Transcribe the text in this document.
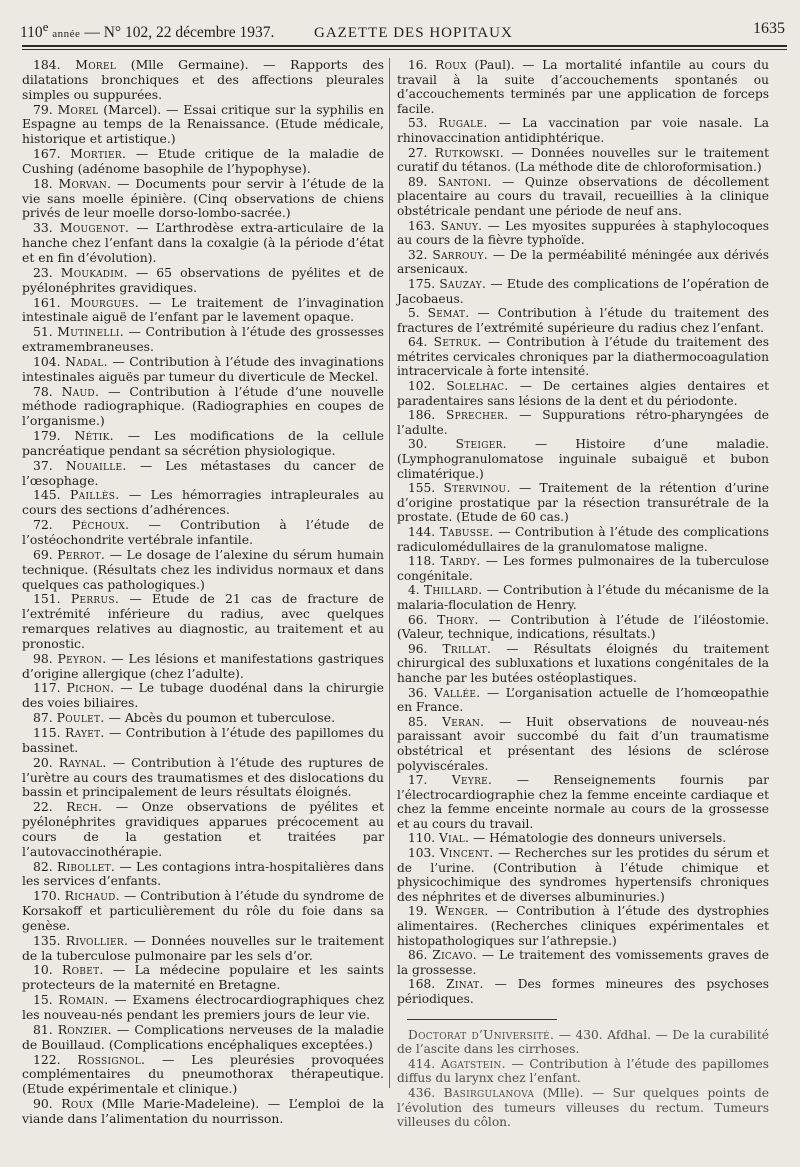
110e année — N° 102, 22 décembre 1937.	GAZETTE DES HOPITAUX	1635

184. Morel (Mlle Germaine). — Rapports des dilatations bronchiques et des affections pleurales simples ou suppurées.

79. Morel (Marcel). — Essai critique sur la syphilis en Espagne au temps de la Renaissance. (Etude médicale, historique et artistique.)

167. Mortier. — Etude critique de la maladie de Cushing (adénome basophile de l’hypophyse).

18. Morvan. — Documents pour servir à l’étude de la vie sans moelle épinière. (Cinq observations de chiens privés de leur moelle dorso-lombo-sacrée.)

33. Mougenot. — L’arthrodèse extra-articulaire de la hanche chez l’enfant dans la coxalgie (à la période d’état et en fin d’évolution).

23. Moukadim. — 65 observations de pyélites et de pyélonéphrites gravidiques.

161. Mourgues. — Le traitement de l’invagination intestinale aiguë de l’enfant par le lavement opaque.

51. Mutinelli. — Contribution à l’étude des grossesses extramembraneuses.

104. Nadal. — Contribution à l’étude des invaginations intestinales aiguës par tumeur du diverticule de Meckel.

78. Naud. — Contribution à l’étude d’une nouvelle méthode radiographique. (Radiographies en coupes de l’organisme.)

179. Nétik. — Les modifications de la cellule pancréatique pendant sa sécrétion physiologique.

37. Nouaille. — Les métastases du cancer de l’œsophage.

145. Paillès. — Les hémorragies intrapleurales au cours des sections d’adhérences.

72. Péchoux. — Contribution à l’étude de l’ostéochondrite vertébrale infantile.

69. Perrot. — Le dosage de l’alexine du sérum humain technique. (Résultats chez les individus normaux et dans quelques cas pathologiques.)

151. Perrus. — Etude de 21 cas de fracture de l’extrémité inférieure du radius, avec quelques remarques relatives au diagnostic, au traitement et au pronostic.

98. Peyron. — Les lésions et manifestations gastriques d’origine allergique (chez l’adulte).

117. Pichon. — Le tubage duodénal dans la chirurgie des voies biliaires.

87. Poulet. — Abcès du poumon et tuberculose.

115. Rayet. — Contribution à l’étude des papillomes du bassinet.

20. Raynal. — Contribution à l’étude des ruptures de l’urètre au cours des traumatismes et des dislocations du bassin et principalement de leurs résultats éloignés.

22. Rech. — Onze observations de pyélites et pyélonéphrites gravidiques apparues précocement au cours de la gestation et traitées par l’autovaccinothérapie.

82. Ribollet. — Les contagions intra-hospitalières dans les services d’enfants.

170. Richaud. — Contribution à l’étude du syndrome de Korsakoff et particulièrement du rôle du foie dans sa genèse.

135. Rivollier. — Données nouvelles sur le traitement de la tuberculose pulmonaire par les sels d’or.

10. Robet. — La médecine populaire et les saints protecteurs de la maternité en Bretagne.

15. Romain. — Examens électrocardiographiques chez les nouveau-nés pendant les premiers jours de leur vie.

81. Ronzier. — Complications nerveuses de la maladie de Bouillaud. (Complications encéphaliques exceptées.)

122. Rossignol. — Les pleurésies provoquées complémentaires du pneumothorax thérapeutique. (Etude expérimentale et clinique.)

90. Roux (Mlle Marie-Madeleine). — L’emploi de la viande dans l’alimentation du nourrisson.

16. Roux (Paul). — La mortalité infantile au cours du travail à la suite d’accouchements spontanés ou d’accouchements terminés par une application de forceps facile.

53. Rugale. — La vaccination par voie nasale. La rhinovaccination antidiphtérique.

27. Rutkowski. — Données nouvelles sur le traitement curatif du tétanos. (La méthode dite de chloroformisation.)

89. Santoni. — Quinze observations de décollement placentaire au cours du travail, recueillies à la clinique obstétricale pendant une période de neuf ans.

163. Sanuy. — Les myosites suppurées à staphylocoques au cours de la fièvre typhoïde.

32. Sarrouy. — De la perméabilité méningée aux dérivés arsenicaux.

175. Sauzay. — Etude des complications de l’opération de Jacobaeus.

5. Semat. — Contribution à l’étude du traitement des fractures de l’extrémité supérieure du radius chez l’enfant.

64. Setruk. — Contribution à l’étude du traitement des métrites cervicales chroniques par la diathermocoagulation intracervicale à forte intensité.

102. Solelhac. — De certaines algies dentaires et paradentaires sans lésions de la dent et du périodonte.

186. Sprecher. — Suppurations rétro-pharyngées de l’adulte.

30. Steiger. — Histoire d’une maladie. (Lymphogranulomatose inguinale subaiguë et bubon climatérique.)

155. Stervinou. — Traitement de la rétention d’urine d’origine prostatique par la résection transurétrale de la prostate. (Etude de 60 cas.)

144. Tabusse. — Contribution à l’étude des complications radiculomédullaires de la granulomatose maligne.

118. Tardy. — Les formes pulmonaires de la tuberculose congénitale.

4. Thillard. — Contribution à l’étude du mécanisme de la malaria-floculation de Henry.

66. Thory. — Contribution à l’étude de l’iléostomie. (Valeur, technique, indications, résultats.)

96. Trillat. — Résultats éloignés du traitement chirurgical des subluxations et luxations congénitales de la hanche par les butées ostéoplastiques.

36. Vallée. — L’organisation actuelle de l’homœopathie en France.

85. Veran. — Huit observations de nouveau-nés paraissant avoir succombé du fait d’un traumatisme obstétrical et présentant des lésions de sclérose polyviscérales.

17. Veyre. — Renseignements fournis par l’électrocardiographie chez la femme enceinte cardiaque et chez la femme enceinte normale au cours de la grossesse et au cours du travail.

110. Vial. — Hématologie des donneurs universels.

103. Vincent. — Recherches sur les protides du sérum et de l’urine. (Contribution à l’étude chimique et physicochimique des syndromes hypertensifs chroniques des néphrites et de diverses albuminuries.)

19. Wenger. — Contribution à l’étude des dystrophies alimentaires. (Recherches cliniques expérimentales et histopathologiques sur l’athrepsie.)

86. Zicavo. — Le traitement des vomissements graves de la grossesse.

168. Zinat. — Des formes mineures des psychoses périodiques.

Doctorat d’Université. — 430. Afdhal. — De la curabilité de l’ascite dans les cirrhoses.

414. Agatstein. — Contribution à l’étude des papillomes diffus du larynx chez l’enfant.

436. Basirgulanova (Mlle). — Sur quelques points de l’évolution des tumeurs villeuses du rectum. Tumeurs villeuses du côlon.
